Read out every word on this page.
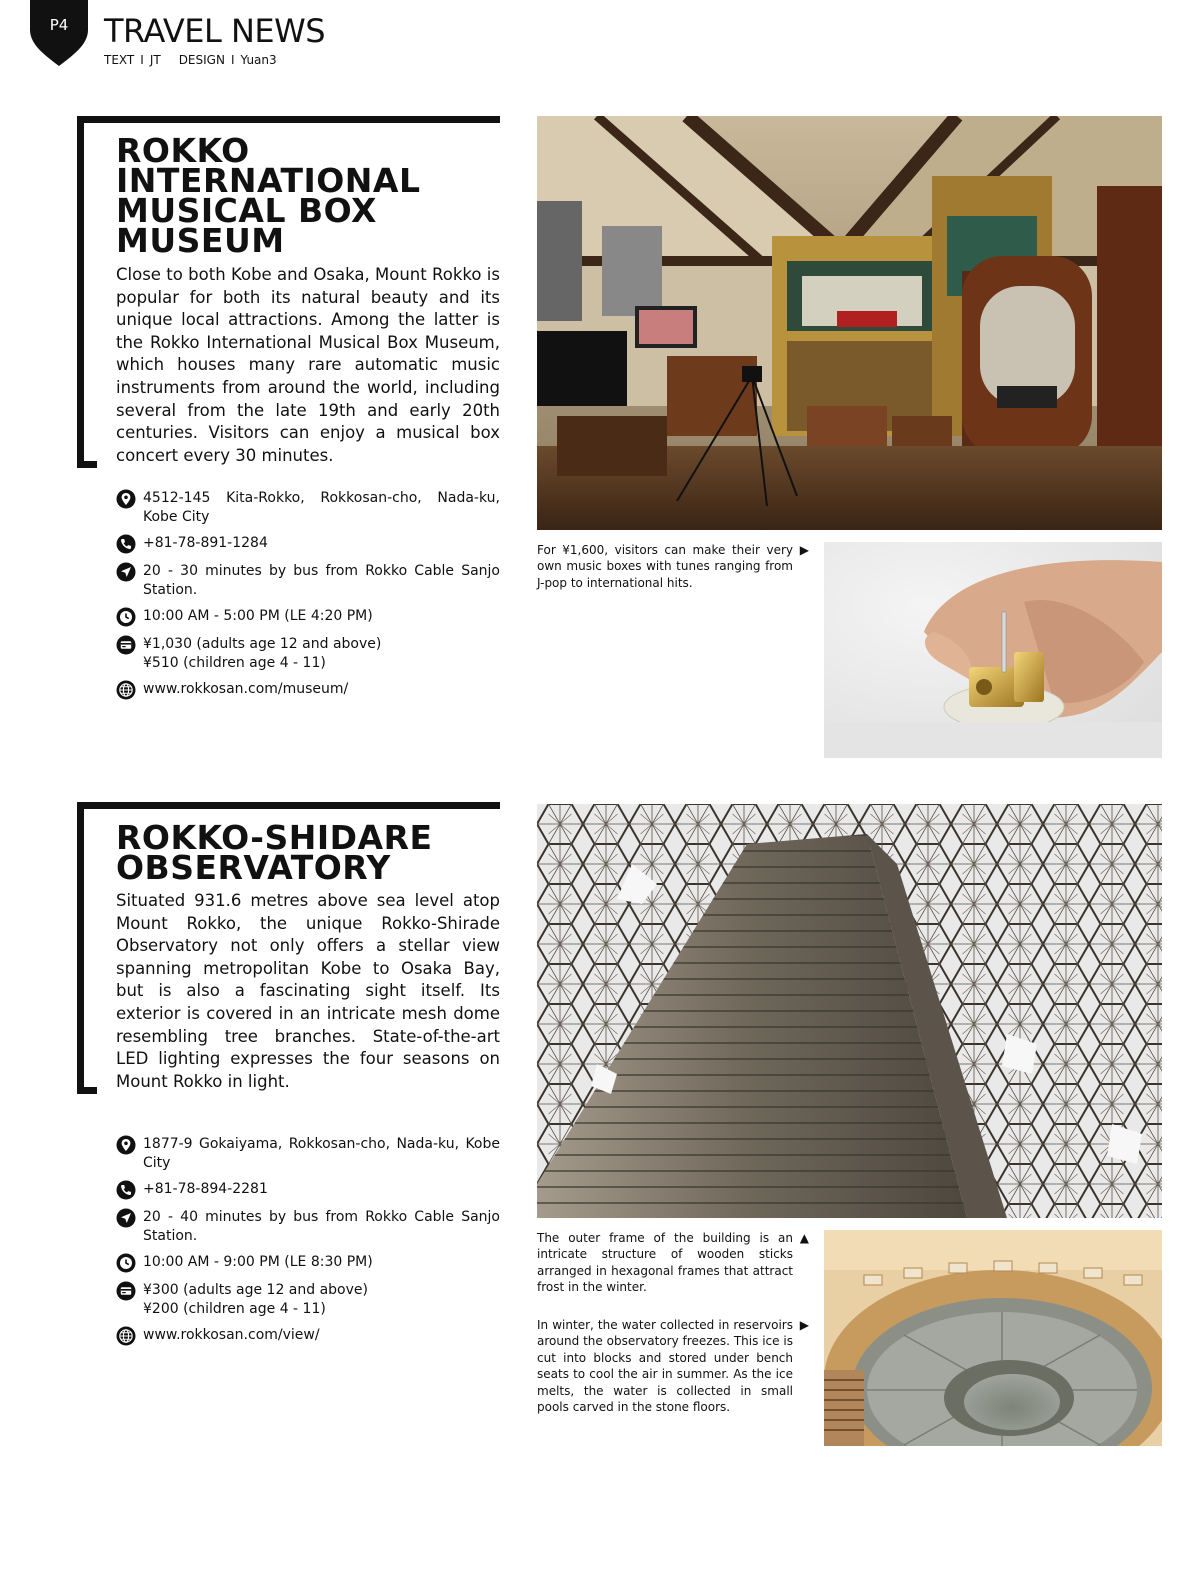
P4	TRAVEL NEWS
TEXT I JT DESIGN I Yuan3
ROKKO
INTERNATIONAL
MUSICAL BOX
MUSEUM

Close to both Kobe and Osaka, Mount Rokko is popular for both its natural beauty and its unique local attractions. Among the latter is the Rokko International Musical Box Museum, which houses many rare automatic music instruments from around the world, including several from the late 19th and early 20th centuries. Visitors can enjoy a musical box concert every 30 minutes.

4512-145 Kita-Rokko, Rokkosan-cho, Nada-ku, Kobe City
+81-78-891-1284
20 - 30 minutes by bus from Rokko Cable Sanjo Station.
10:00 AM - 5:00 PM (LE 4:20 PM)
¥1,030 (adults age 12 and above)
¥510 (children age 4 - 11)
www.rokkosan.com/museum/
For ¥1,600, visitors can make their very own music boxes with tunes ranging from J-pop to international hits.
▶
ROKKO-SHIDARE
OBSERVATORY

Situated 931.6 metres above sea level atop Mount Rokko, the unique Rokko-Shirade Observatory not only offers a stellar view spanning metropolitan Kobe to Osaka Bay, but is also a fascinating sight itself. Its exterior is covered in an intricate mesh dome resembling tree branches. State-of-the-art LED lighting expresses the four seasons on Mount Rokko in light.

1877-9 Gokaiyama, Rokkosan-cho, Nada-ku, Kobe City
+81-78-894-2281
20 - 40 minutes by bus from Rokko Cable Sanjo Station.
10:00 AM - 9:00 PM (LE 8:30 PM)
¥300 (adults age 12 and above)
¥200 (children age 4 - 11)
www.rokkosan.com/view/
The outer frame of the building is an intricate structure of wooden sticks arranged in hexagonal frames that attract frost in the winter.
▲
In winter, the water collected in reservoirs around the observatory freezes. This ice is cut into blocks and stored under bench seats to cool the air in summer. As the ice melts, the water is collected in small pools carved in the stone floors.
▶
